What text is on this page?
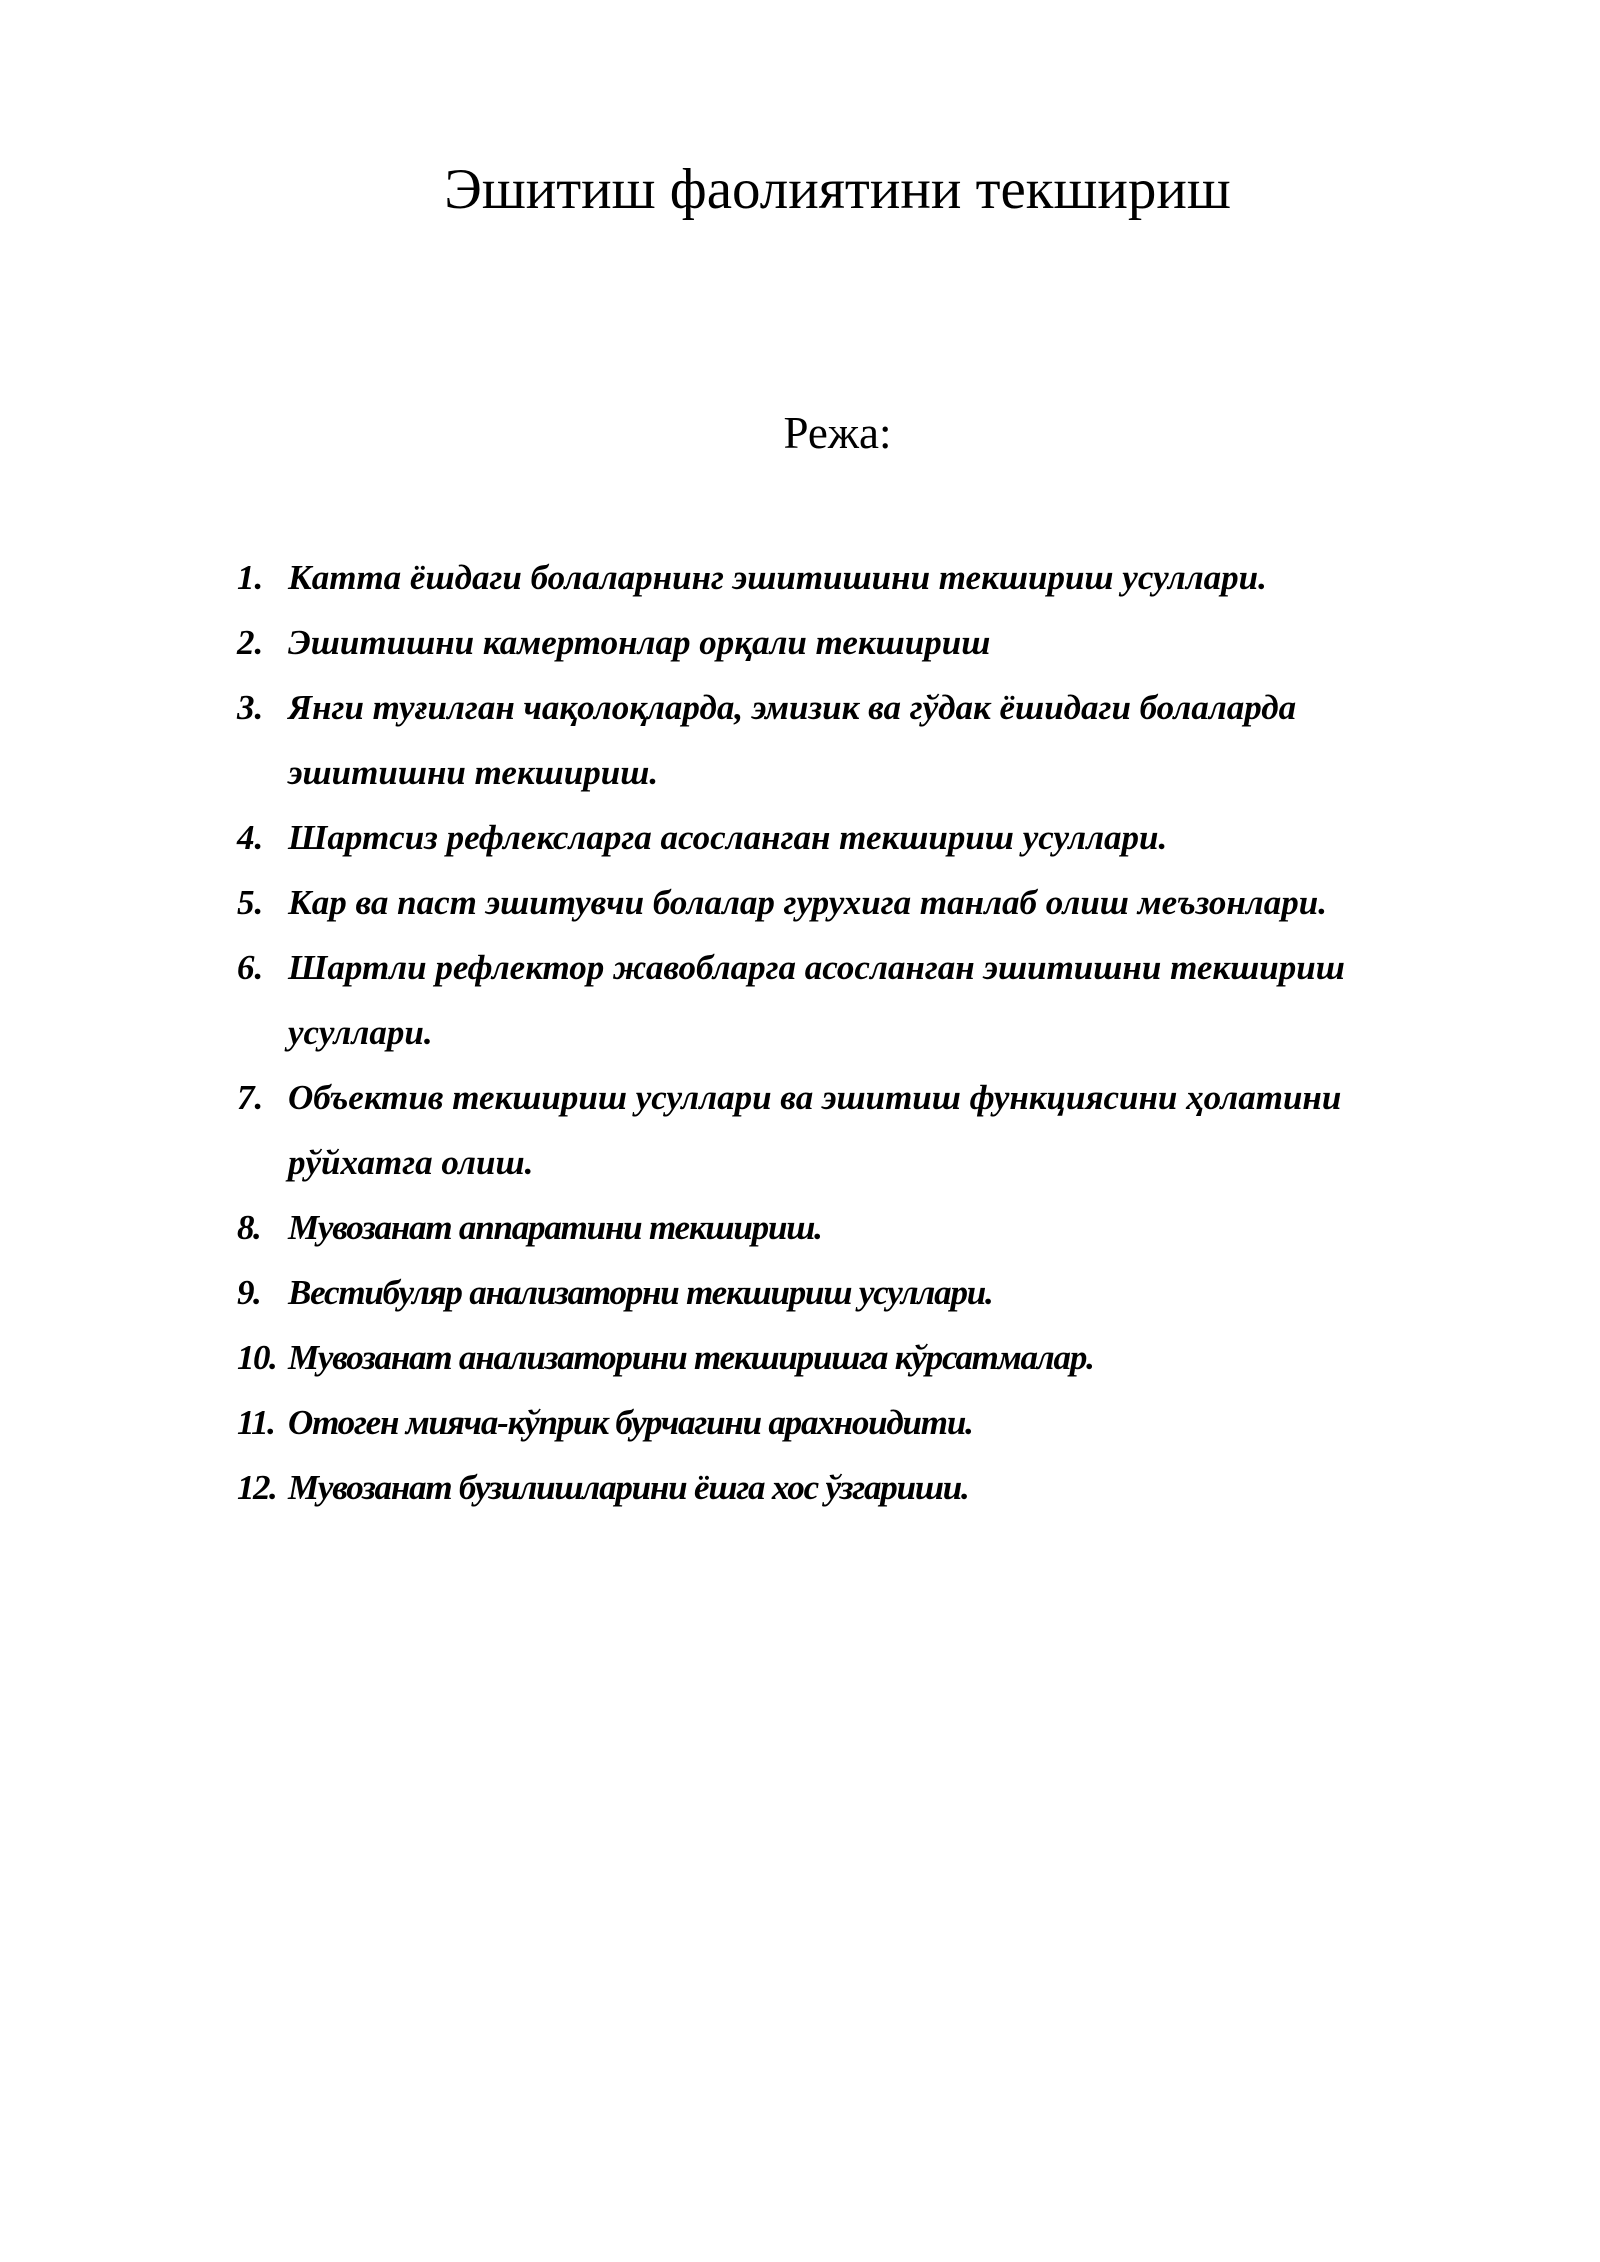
Эшитиш фаолиятини текшириш
Режа:
1. Катта ёшдаги болаларнинг эшитишини текшириш усуллари.
2. Эшитишни камертонлар орқали текшириш
3. Янги туғилган чақолоқларда, эмизик ва гўдак ёшидаги болаларда эшитишни текшириш.
4. Шартсиз рефлексларга асосланган текшириш усуллари.
5. Кар ва паст эшитувчи болалар гурухига танлаб олиш меъзонлари.
6. Шартли рефлектор жавобларга асосланган эшитишни текшириш усуллари.
7. Объектив текшириш усуллари ва эшитиш функциясини ҳолатини рўйхатга олиш.
8. Мувозанат аппаратини текшириш.
9. Вестибуляр анализаторни текшириш усуллари.
10. Мувозанат анализаторини текширишга кўрсатмалар.
11. Отоген мияча-кўприк бурчагини арахноидити.
12. Мувозанат бузилишларини ёшга хос ўзгариши.
